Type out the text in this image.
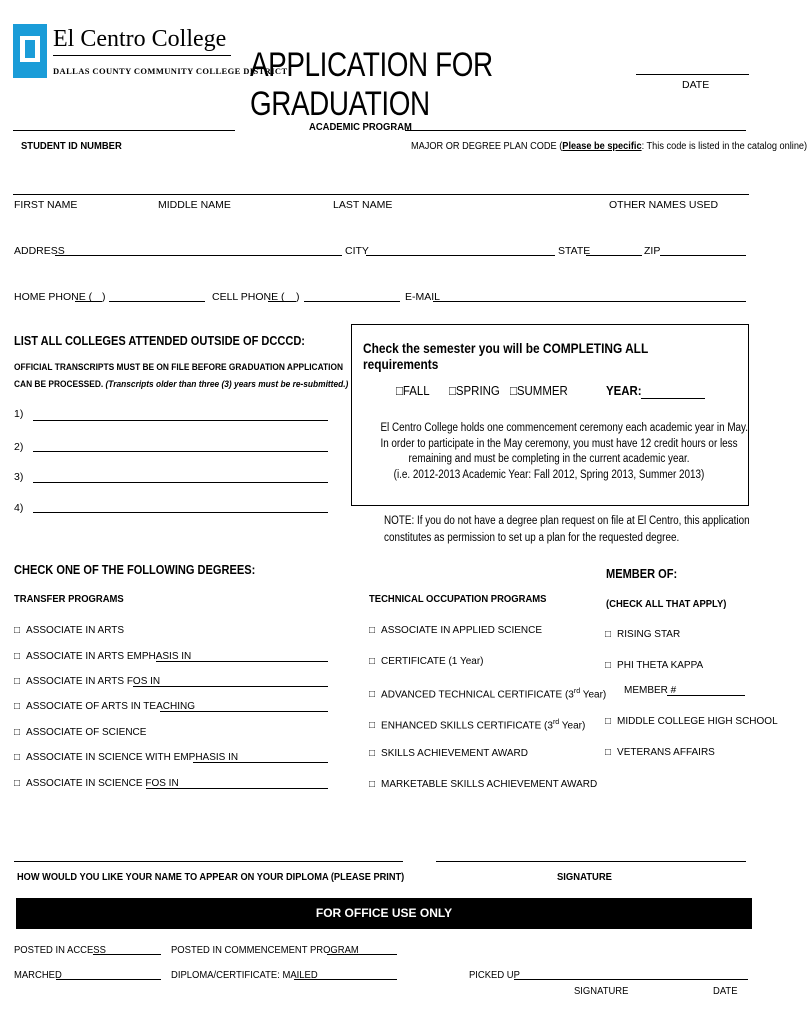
El Centro College
DALLAS COUNTY COMMUNITY COLLEGE DISTRICT
APPLICATION FOR GRADUATION	DATE
STUDENT ID NUMBER
ACADEMIC PROGRAM
MAJOR OR DEGREE PLAN CODE (Please be specific: This code is listed in the catalog online)
FIRST NAME	MIDDLE NAME	LAST NAME	OTHER NAMES USED
ADDRESS	CITY	STATE	ZIP
HOME PHONE ( )	CELL PHONE ( )	E-MAIL
LIST ALL COLLEGES ATTENDED OUTSIDE OF DCCCD:
OFFICIAL TRANSCRIPTS MUST BE ON FILE BEFORE GRADUATION APPLICATION
CAN BE PROCESSED. (Transcripts older than three (3) years must be re-submitted.)
1)
2)
3)
4)
Check the semester you will be COMPLETING ALL requirements
□FALL □SPRING □SUMMER	YEAR:
El Centro College holds one commencement ceremony each academic year in May.
In order to participate in the May ceremony, you must have 12 credit hours or less
remaining and must be completing in the current academic year.
(i.e. 2012-2013 Academic Year: Fall 2012, Spring 2013, Summer 2013)
NOTE: If you do not have a degree plan request on file at El Centro, this application
constitutes as permission to set up a plan for the requested degree.
CHECK ONE OF THE FOLLOWING DEGREES:
TRANSFER PROGRAMS
□ ASSOCIATE IN ARTS
□ ASSOCIATE IN ARTS EMPHASIS IN
□ ASSOCIATE IN ARTS FOS IN
□ ASSOCIATE OF ARTS IN TEACHING
□ ASSOCIATE OF SCIENCE
□ ASSOCIATE IN SCIENCE WITH EMPHASIS IN
□ ASSOCIATE IN SCIENCE FOS IN
TECHNICAL OCCUPATION PROGRAMS
□ ASSOCIATE IN APPLIED SCIENCE
□ CERTIFICATE (1 Year)
□ ADVANCED TECHNICAL CERTIFICATE (3rd Year)
□ ENHANCED SKILLS CERTIFICATE (3rd Year)
□ SKILLS ACHIEVEMENT AWARD
□ MARKETABLE SKILLS ACHIEVEMENT AWARD
MEMBER OF:
(CHECK ALL THAT APPLY)
□ RISING STAR
□ PHI THETA KAPPA
MEMBER #
□ MIDDLE COLLEGE HIGH SCHOOL
□ VETERANS AFFAIRS
HOW WOULD YOU LIKE YOUR NAME TO APPEAR ON YOUR DIPLOMA (PLEASE PRINT)	SIGNATURE
FOR OFFICE USE ONLY
POSTED IN ACCESS	POSTED IN COMMENCEMENT PROGRAM
MARCHED	DIPLOMA/CERTIFICATE: MAILED	PICKED UP
SIGNATURE	DATE
